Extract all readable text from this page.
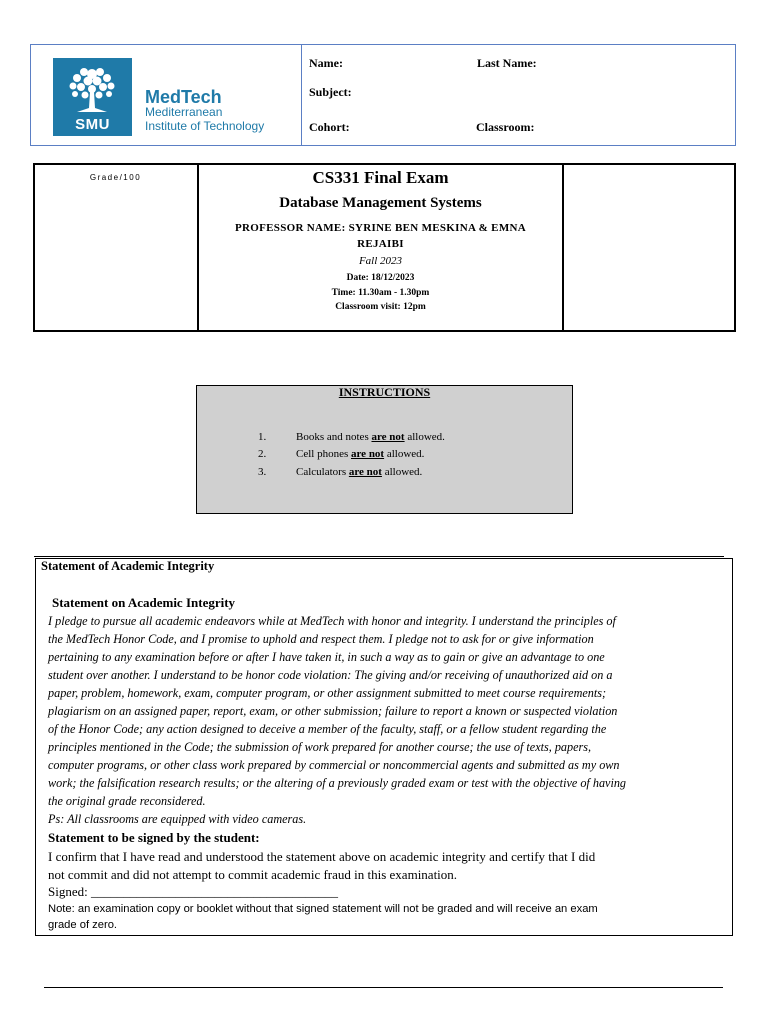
SMU
MedTech
Mediterranean
Institute of Technology
Name:	Last Name:
Subject:
Cohort:	Classroom:
Grade/100	CS331 Final Exam
Database Management Systems
PROFESSOR NAME: SYRINE BEN MESKINA & EMNA
REJAIBI
Fall 2023
Date: 18/12/2023
Time: 11.30am - 1.30pm
Classroom visit: 12pm
INSTRUCTIONS
1.	Books and notes are not allowed.
2.	Cell phones are not allowed.
3.	Calculators are not allowed.
Statement of Academic Integrity
Statement on Academic Integrity
I pledge to pursue all academic endeavors while at MedTech with honor and integrity. I understand the principles of
the MedTech Honor Code, and I promise to uphold and respect them. I pledge not to ask for or give information
pertaining to any examination before or after I have taken it, in such a way as to gain or give an advantage to one
student over another. I understand to be honor code violation: The giving and/or receiving of unauthorized aid on a
paper, problem, homework, exam, computer program, or other assignment submitted to meet course requirements;
plagiarism on an assigned paper, report, exam, or other submission; failure to report a known or suspected violation
of the Honor Code; any action designed to deceive a member of the faculty, staff, or a fellow student regarding the
principles mentioned in the Code; the submission of work prepared for another course; the use of texts, papers,
computer programs, or other class work prepared by commercial or noncommercial agents and submitted as my own
work; the falsification research results; or the altering of a previously graded exam or test with the objective of having
the original grade reconsidered.
Ps: All classrooms are equipped with video cameras.
Statement to be signed by the student:
I confirm that I have read and understood the statement above on academic integrity and certify that I did
not commit and did not attempt to commit academic fraud in this examination.
Signed: ______________________________________
Note: an examination copy or booklet without that signed statement will not be graded and will receive an exam
grade of zero.
